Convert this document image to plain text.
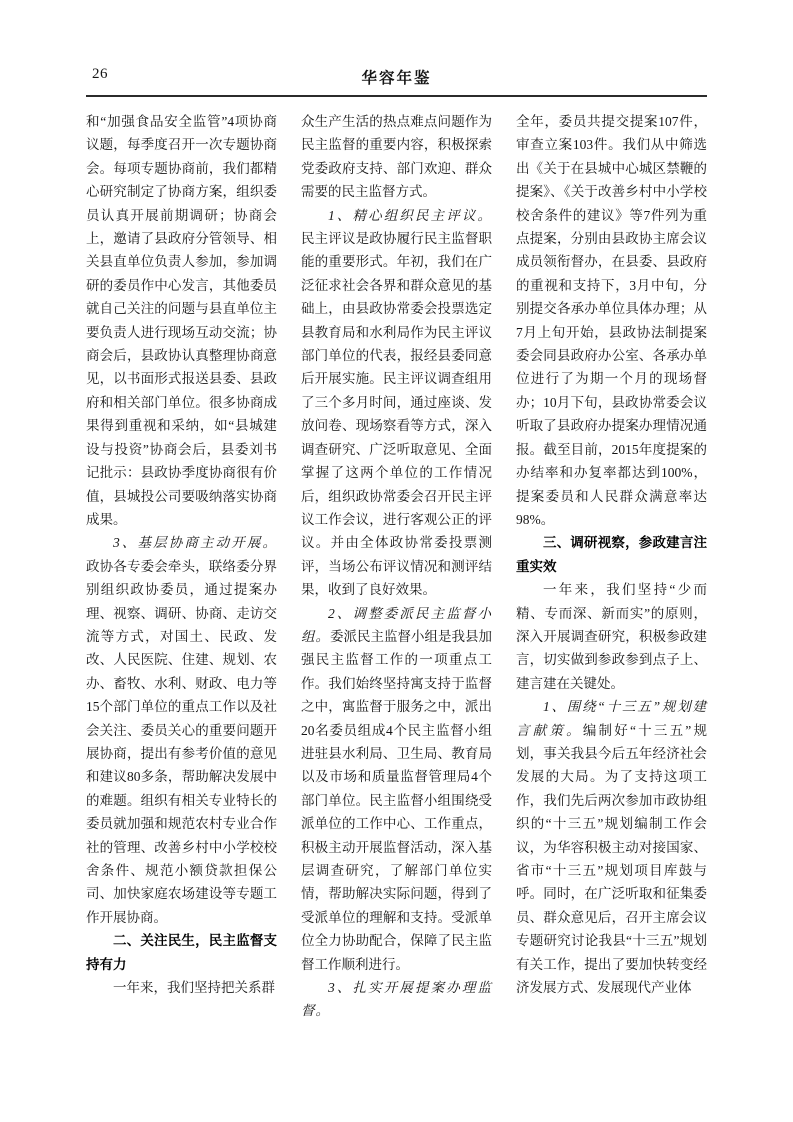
26	华容年鉴

和“加强食品安全监管”4项协商议题，每季度召开一次专题协商会。每项专题协商前，我们都精心研究制定了协商方案，组织委员认真开展前期调研；协商会上，邀请了县政府分管领导、相关县直单位负责人参加，参加调研的委员作中心发言，其他委员就自己关注的问题与县直单位主要负责人进行现场互动交流；协商会后，县政协认真整理协商意见，以书面形式报送县委、县政府和相关部门单位。很多协商成果得到重视和采纳，如“县城建设与投资”协商会后，县委刘书记批示：县政协季度协商很有价值，县城投公司要吸纳落实协商成果。

3、基层协商主动开展。政协各专委会牵头，联络委分界别组织政协委员，通过提案办理、视察、调研、协商、走访交流等方式，对国土、民政、发改、人民医院、住建、规划、农办、畜牧、水利、财政、电力等15个部门单位的重点工作以及社会关注、委员关心的重要问题开展协商，提出有参考价值的意见和建议80多条，帮助解决发展中的难题。组织有相关专业特长的委员就加强和规范农村专业合作社的管理、改善乡村中小学校校舍条件、规范小额贷款担保公司、加快家庭农场建设等专题工作开展协商。

二、关注民生，民主监督支持有力

一年来，我们坚持把关系群

众生产生活的热点难点问题作为民主监督的重要内容，积极探索党委政府支持、部门欢迎、群众需要的民主监督方式。

1、精心组织民主评议。民主评议是政协履行民主监督职能的重要形式。年初，我们在广泛征求社会各界和群众意见的基础上，由县政协常委会投票选定县教育局和水利局作为民主评议部门单位的代表，报经县委同意后开展实施。民主评议调查组用了三个多月时间，通过座谈、发放问卷、现场察看等方式，深入调查研究、广泛听取意见、全面掌握了这两个单位的工作情况后，组织政协常委会召开民主评议工作会议，进行客观公正的评议。并由全体政协常委投票测评，当场公布评议情况和测评结果，收到了良好效果。

2、调整委派民主监督小组。委派民主监督小组是我县加强民主监督工作的一项重点工作。我们始终坚持寓支持于监督之中，寓监督于服务之中，派出20名委员组成4个民主监督小组进驻县水利局、卫生局、教育局以及市场和质量监督管理局4个部门单位。民主监督小组围绕受派单位的工作中心、工作重点，积极主动开展监督活动，深入基层调查研究，了解部门单位实情，帮助解决实际问题，得到了受派单位的理解和支持。受派单位全力协助配合，保障了民主监督工作顺利进行。

3、扎实开展提案办理监督。

全年，委员共提交提案107件，审查立案103件。我们从中筛选出《关于在县城中心城区禁鞭的提案》、《关于改善乡村中小学校校舍条件的建议》等7件列为重点提案，分别由县政协主席会议成员领衔督办，在县委、县政府的重视和支持下，3月中旬，分别提交各承办单位具体办理；从7月上旬开始，县政协法制提案委会同县政府办公室、各承办单位进行了为期一个月的现场督办；10月下旬，县政协常委会议听取了县政府办提案办理情况通报。截至目前，2015年度提案的办结率和办复率都达到100%，提案委员和人民群众满意率达98%。

三、调研视察，参政建言注重实效

一年来，我们坚持“少而精、专而深、新而实”的原则，深入开展调查研究，积极参政建言，切实做到参政参到点子上、建言建在关键处。

1、围绕“十三五”规划建言献策。编制好“十三五”规划，事关我县今后五年经济社会发展的大局。为了支持这项工作，我们先后两次参加市政协组织的“十三五”规划编制工作会议，为华容积极主动对接国家、省市“十三五”规划项目库鼓与呼。同时，在广泛听取和征集委员、群众意见后，召开主席会议专题研究讨论我县“十三五”规划有关工作，提出了要加快转变经济发展方式、发展现代产业体
